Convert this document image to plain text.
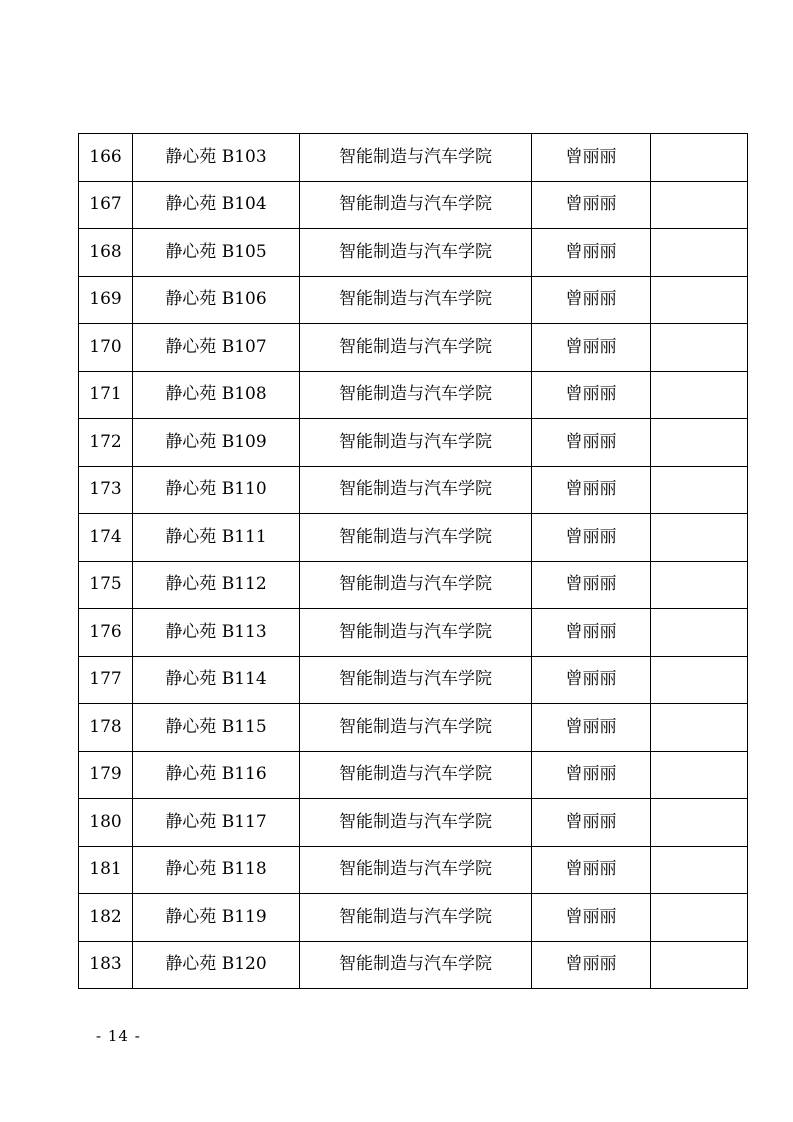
166	静心苑 B103	智能制造与汽车学院	曾丽丽	
167	静心苑 B104	智能制造与汽车学院	曾丽丽	
168	静心苑 B105	智能制造与汽车学院	曾丽丽	
169	静心苑 B106	智能制造与汽车学院	曾丽丽	
170	静心苑 B107	智能制造与汽车学院	曾丽丽	
171	静心苑 B108	智能制造与汽车学院	曾丽丽	
172	静心苑 B109	智能制造与汽车学院	曾丽丽	
173	静心苑 B110	智能制造与汽车学院	曾丽丽	
174	静心苑 B111	智能制造与汽车学院	曾丽丽	
175	静心苑 B112	智能制造与汽车学院	曾丽丽	
176	静心苑 B113	智能制造与汽车学院	曾丽丽	
177	静心苑 B114	智能制造与汽车学院	曾丽丽	
178	静心苑 B115	智能制造与汽车学院	曾丽丽	
179	静心苑 B116	智能制造与汽车学院	曾丽丽	
180	静心苑 B117	智能制造与汽车学院	曾丽丽	
181	静心苑 B118	智能制造与汽车学院	曾丽丽	
182	静心苑 B119	智能制造与汽车学院	曾丽丽	
183	静心苑 B120	智能制造与汽车学院	曾丽丽	
- 14 -
